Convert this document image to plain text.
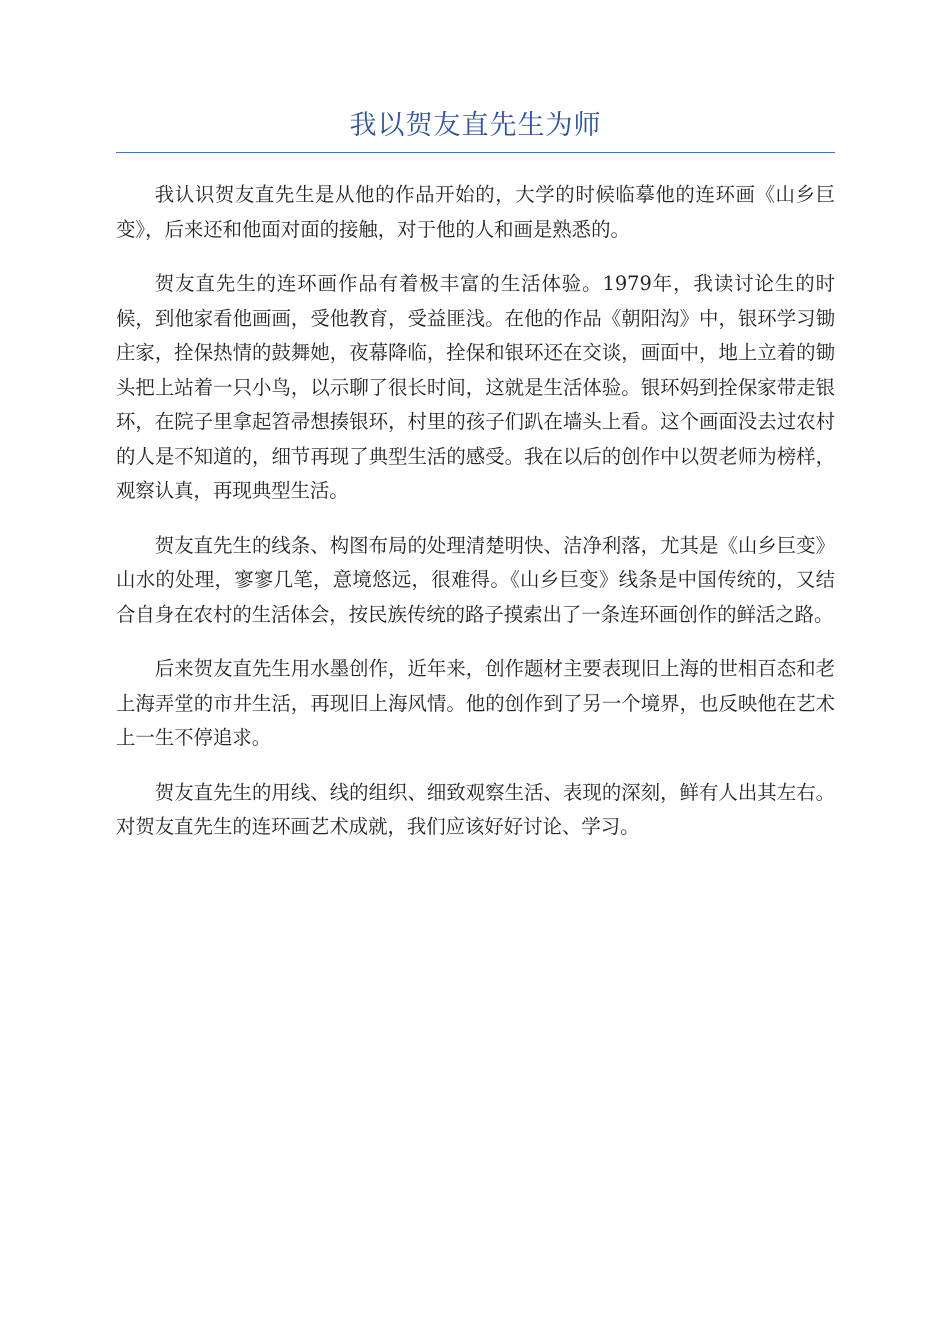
我以贺友直先生为师

我认识贺友直先生是从他的作品开始的，大学的时候临摹他的连环画《山乡巨变》，后来还和他面对面的接触，对于他的人和画是熟悉的。

贺友直先生的连环画作品有着极丰富的生活体验。1979年，我读讨论生的时候，到他家看他画画，受他教育，受益匪浅。在他的作品《朝阳沟》中，银环学习锄庄家，拴保热情的鼓舞她，夜幕降临，拴保和银环还在交谈，画面中，地上立着的锄头把上站着一只小鸟，以示聊了很长时间，这就是生活体验。银环妈到拴保家带走银环，在院子里拿起笤帚想揍银环，村里的孩子们趴在墙头上看。这个画面没去过农村的人是不知道的，细节再现了典型生活的感受。我在以后的创作中以贺老师为榜样，观察认真，再现典型生活。

贺友直先生的线条、构图布局的处理清楚明快、洁净利落，尤其是《山乡巨变》山水的处理，寥寥几笔，意境悠远，很难得。《山乡巨变》线条是中国传统的，又结合自身在农村的生活体会，按民族传统的路子摸索出了一条连环画创作的鲜活之路。

后来贺友直先生用水墨创作，近年来，创作题材主要表现旧上海的世相百态和老上海弄堂的市井生活，再现旧上海风情。他的创作到了另一个境界，也反映他在艺术上一生不停追求。

贺友直先生的用线、线的组织、细致观察生活、表现的深刻，鲜有人出其左右。对贺友直先生的连环画艺术成就，我们应该好好讨论、学习。
